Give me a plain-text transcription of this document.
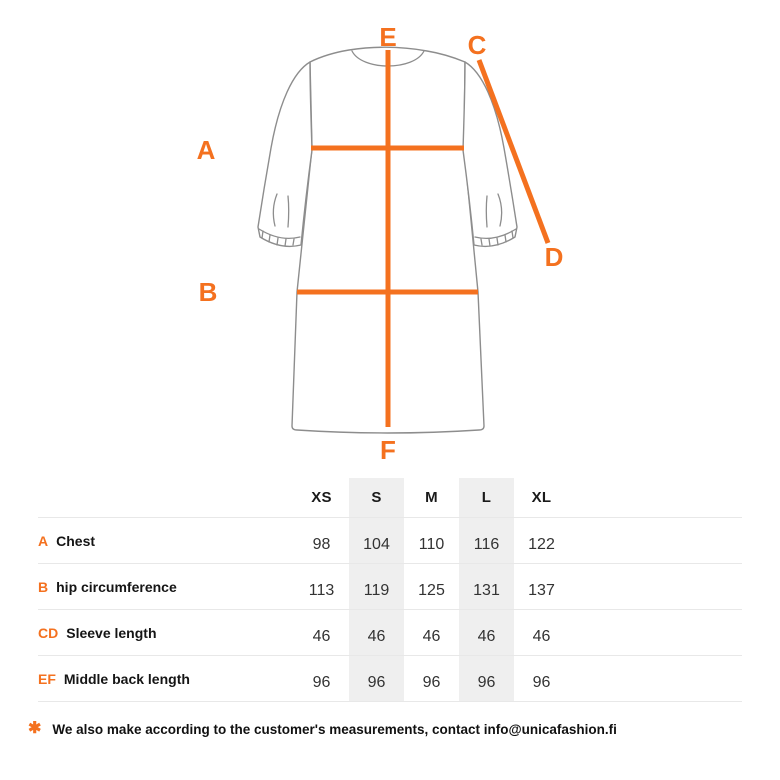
E	C
A
B
D
F
XS	S	M	L	XL
A Chest	98	104	110	116	122
B hip circumference	113	119	125	131	137
CD Sleeve length	46	46	46	46	46
EF Middle back length	96	96	96	96	96
✱ We also make according to the customer's measurements, contact info@unicafashion.fi
